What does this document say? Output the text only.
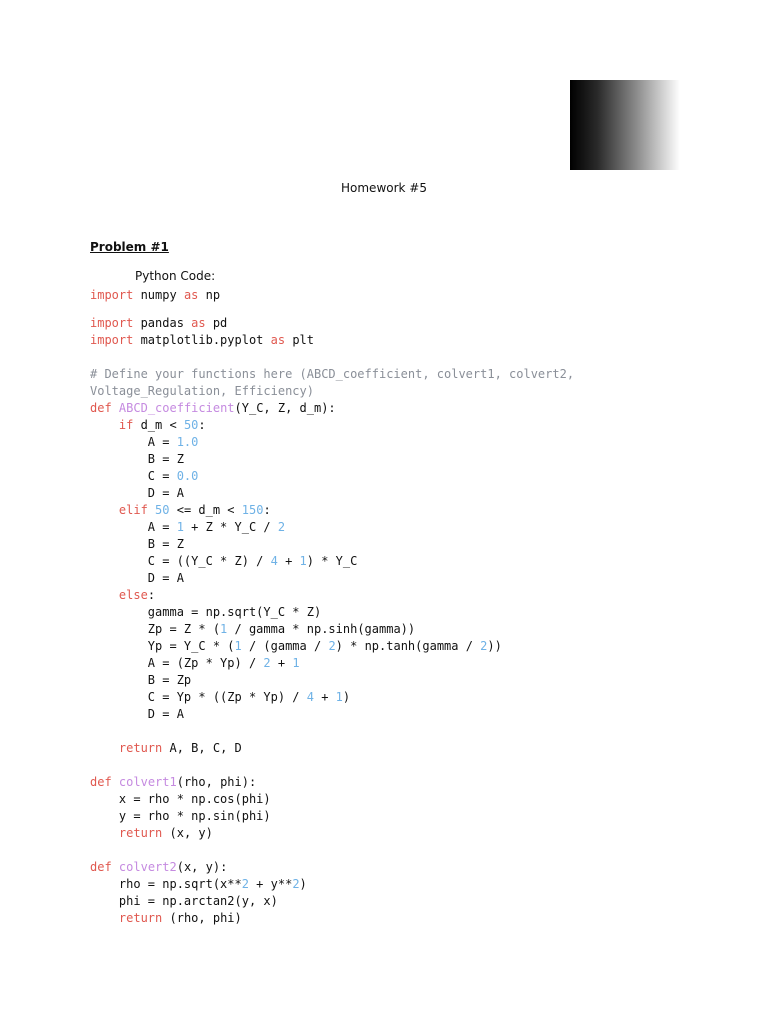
Homework #5
Problem #1
Python Code:
import numpy as np
import pandas as pd
import matplotlib.pyplot as plt
# Define your functions here (ABCD_coefficient, colvert1, colvert2,
Voltage_Regulation, Efficiency)
def ABCD_coefficient(Y_C, Z, d_m):
if d_m < 50:
A = 1.0
B = Z
C = 0.0
D = A
elif 50 <= d_m < 150:
A = 1 + Z * Y_C / 2
B = Z
C = ((Y_C * Z) / 4 + 1) * Y_C
D = A
else:
gamma = np.sqrt(Y_C * Z)
Zp = Z * (1 / gamma * np.sinh(gamma))
Yp = Y_C * (1 / (gamma / 2) * np.tanh(gamma / 2))
A = (Zp * Yp) / 2 + 1
B = Zp
C = Yp * ((Zp * Yp) / 4 + 1)
D = A
return A, B, C, D
def colvert1(rho, phi):
x = rho * np.cos(phi)
y = rho * np.sin(phi)
return (x, y)
def colvert2(x, y):
rho = np.sqrt(x**2 + y**2)
phi = np.arctan2(y, x)
return (rho, phi)
